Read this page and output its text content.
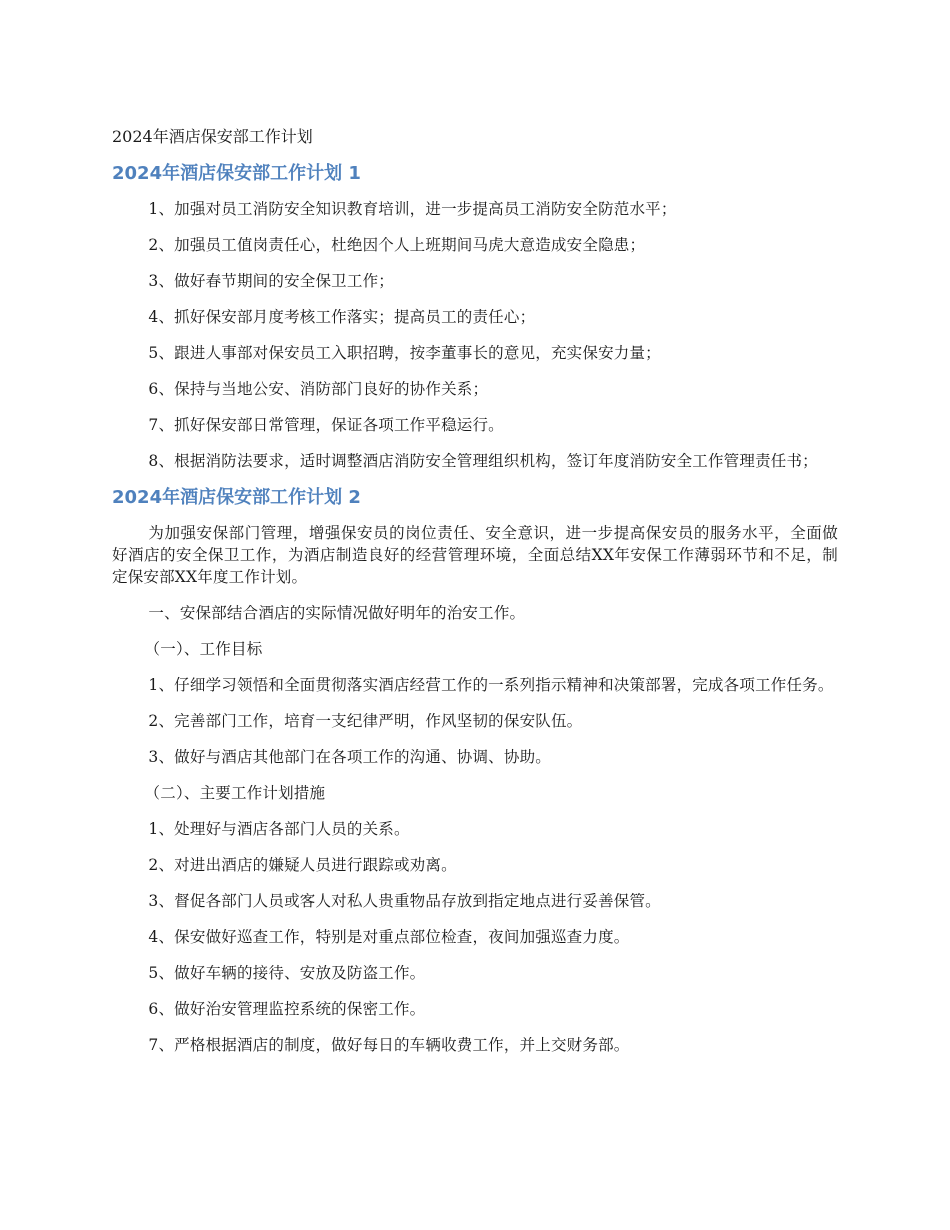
2024年酒店保安部工作计划
2024年酒店保安部工作计划 1

1、加强对员工消防安全知识教育培训，进一步提高员工消防安全防范水平；

2、加强员工值岗责任心，杜绝因个人上班期间马虎大意造成安全隐患；

3、做好春节期间的安全保卫工作；

4、抓好保安部月度考核工作落实；提高员工的责任心；

5、跟进人事部对保安员工入职招聘，按李董事长的意见，充实保安力量；

6、保持与当地公安、消防部门良好的协作关系；

7、抓好保安部日常管理，保证各项工作平稳运行。

8、根据消防法要求，适时调整酒店消防安全管理组织机构，签订年度消防安全工作管理责任书；

2024年酒店保安部工作计划 2

为加强安保部门管理，增强保安员的岗位责任、安全意识，进一步提高保安员的服务水平，全面做好酒店的安全保卫工作，为酒店制造良好的经营管理环境，全面总结XX年安保工作薄弱环节和不足，制定保安部XX年度工作计划。

一、安保部结合酒店的实际情况做好明年的治安工作。

（一）、工作目标

1、仔细学习领悟和全面贯彻落实酒店经营工作的一系列指示精神和决策部署，完成各项工作任务。

2、完善部门工作，培育一支纪律严明，作风坚韧的保安队伍。

3、做好与酒店其他部门在各项工作的沟通、协调、协助。

（二）、主要工作计划措施

1、处理好与酒店各部门人员的关系。

2、对进出酒店的嫌疑人员进行跟踪或劝离。

3、督促各部门人员或客人对私人贵重物品存放到指定地点进行妥善保管。

4、保安做好巡查工作，特别是对重点部位检查，夜间加强巡查力度。

5、做好车辆的接待、安放及防盗工作。

6、做好治安管理监控系统的保密工作。

7、严格根据酒店的制度，做好每日的车辆收费工作，并上交财务部。
